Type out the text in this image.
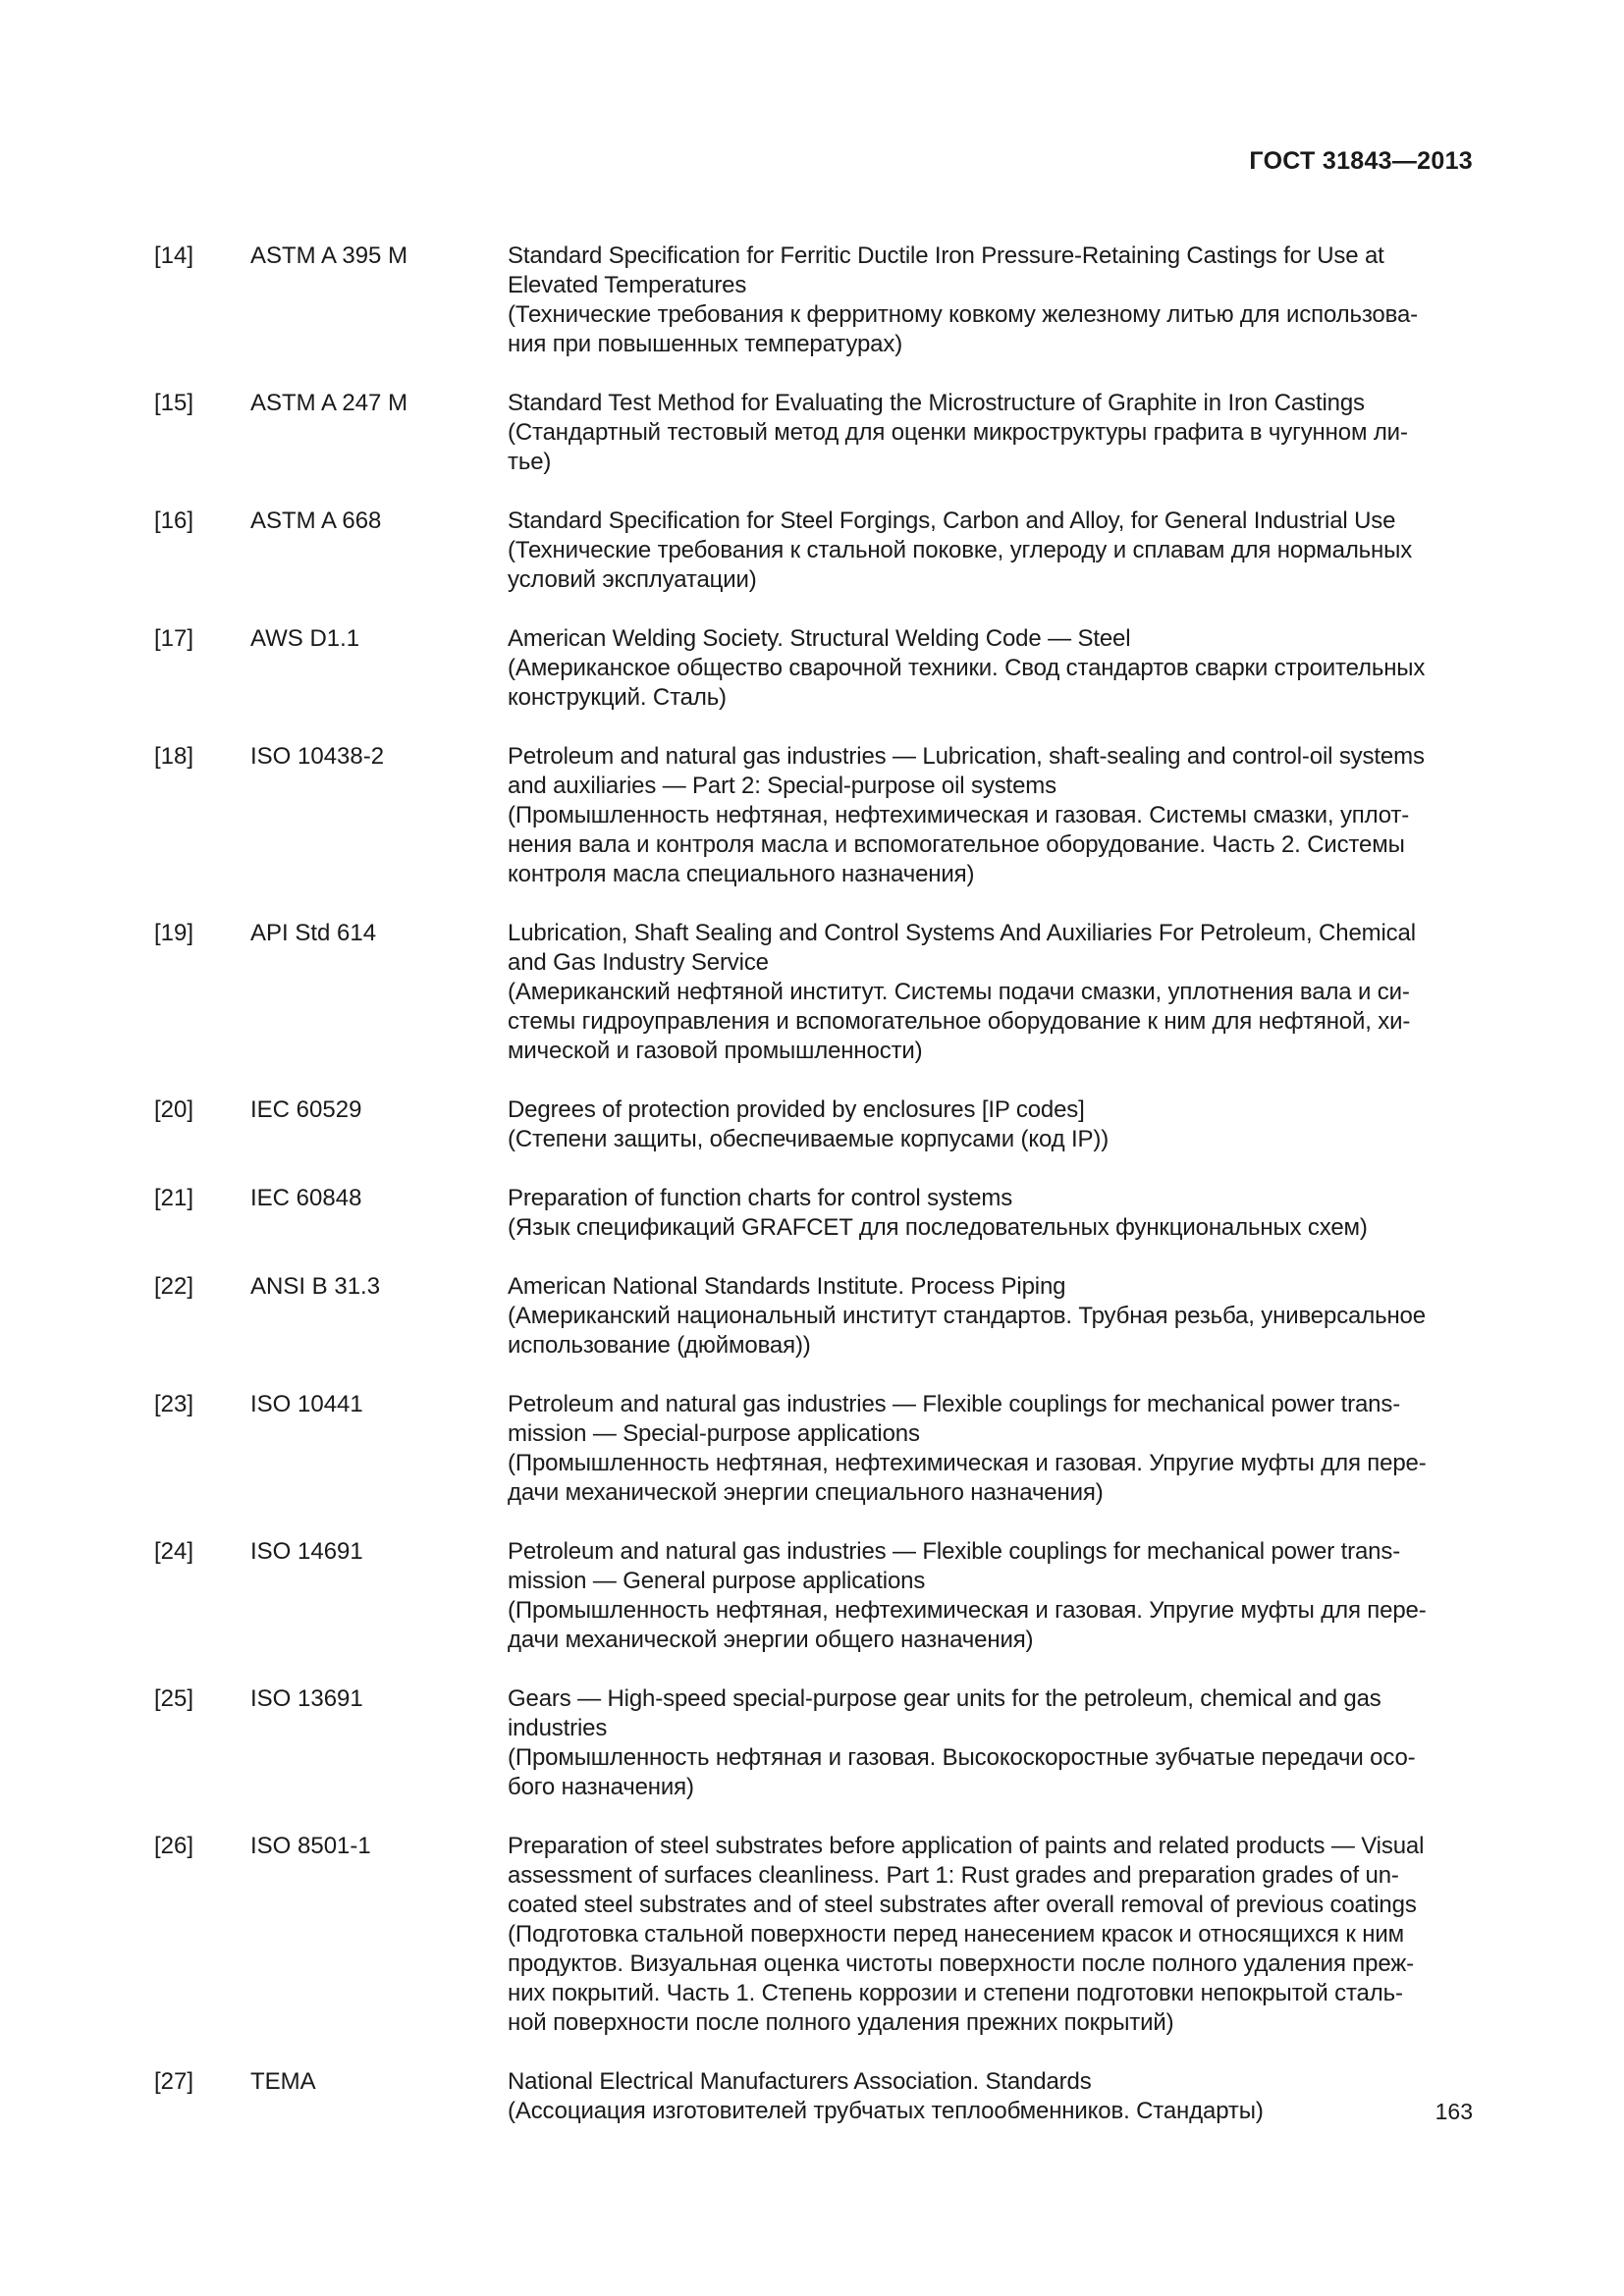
ГОСТ 31843—2013
[14]	ASTM A 395 M	Standard Specification for Ferritic Ductile Iron Pressure-Retaining Castings for Use at
Elevated Temperatures
(Технические требования к ферритному ковкому железному литью для использова-
ния при повышенных температурах)
[15]	ASTM A 247 M	Standard Test Method for Evaluating the Microstructure of Graphite in Iron Castings
(Стандартный тестовый метод для оценки микроструктуры графита в чугунном ли-
тье)
[16]	ASTM A 668	Standard Specification for Steel Forgings, Carbon and Alloy, for General Industrial Use
(Технические требования к стальной поковке, углероду и сплавам для нормальных
условий эксплуатации)
[17]	AWS D1.1	American Welding Society. Structural Welding Code — Steel
(Американское общество сварочной техники. Свод стандартов сварки строительных
конструкций. Сталь)
[18]	ISO 10438-2	Petroleum and natural gas industries — Lubrication, shaft-sealing and control-oil systems
and auxiliaries — Part 2: Special-purpose oil systems
(Промышленность нефтяная, нефтехимическая и газовая. Системы смазки, уплот-
нения вала и контроля масла и вспомогательное оборудование. Часть 2. Системы
контроля масла специального назначения)
[19]	API Std 614	Lubrication, Shaft Sealing and Control Systems And Auxiliaries For Petroleum, Chemical
and Gas Industry Service
(Американский нефтяной институт. Системы подачи смазки, уплотнения вала и си-
стемы гидроуправления и вспомогательное оборудование к ним для нефтяной, хи-
мической и газовой промышленности)
[20]	IEC 60529	Degrees of protection provided by enclosures [IP codes]
(Степени защиты, обеспечиваемые корпусами (код IP))
[21]	IEC 60848	Preparation of function charts for control systems
(Язык спецификаций GRAFCET для последовательных функциональных схем)
[22]	ANSI B 31.3	American National Standards Institute. Process Piping
(Американский национальный институт стандартов. Трубная резьба, универсальное
использование (дюймовая))
[23]	ISO 10441	Petroleum and natural gas industries — Flexible couplings for mechanical power trans-
mission — Special-purpose applications
(Промышленность нефтяная, нефтехимическая и газовая. Упругие муфты для пере-
дачи механической энергии специального назначения)
[24]	ISO 14691	Petroleum and natural gas industries — Flexible couplings for mechanical power trans-
mission — General purpose applications
(Промышленность нефтяная, нефтехимическая и газовая. Упругие муфты для пере-
дачи механической энергии общего назначения)
[25]	ISO 13691	Gears — High-speed special-purpose gear units for the petroleum, chemical and gas
industries
(Промышленность нефтяная и газовая. Высокоскоростные зубчатые передачи осо-
бого назначения)
[26]	ISO 8501-1	Preparation of steel substrates before application of paints and related products — Visual
assessment of surfaces cleanliness. Part 1: Rust grades and preparation grades of un-
coated steel substrates and of steel substrates after overall removal of previous coatings
(Подготовка стальной поверхности перед нанесением красок и относящихся к ним
продуктов. Визуальная оценка чистоты поверхности после полного удаления преж-
них покрытий. Часть 1. Степень коррозии и степени подготовки непокрытой сталь-
ной поверхности после полного удаления прежних покрытий)
[27]	TEMA	National Electrical Manufacturers Association. Standards
(Ассоциация изготовителей трубчатых теплообменников. Стандарты)	163
